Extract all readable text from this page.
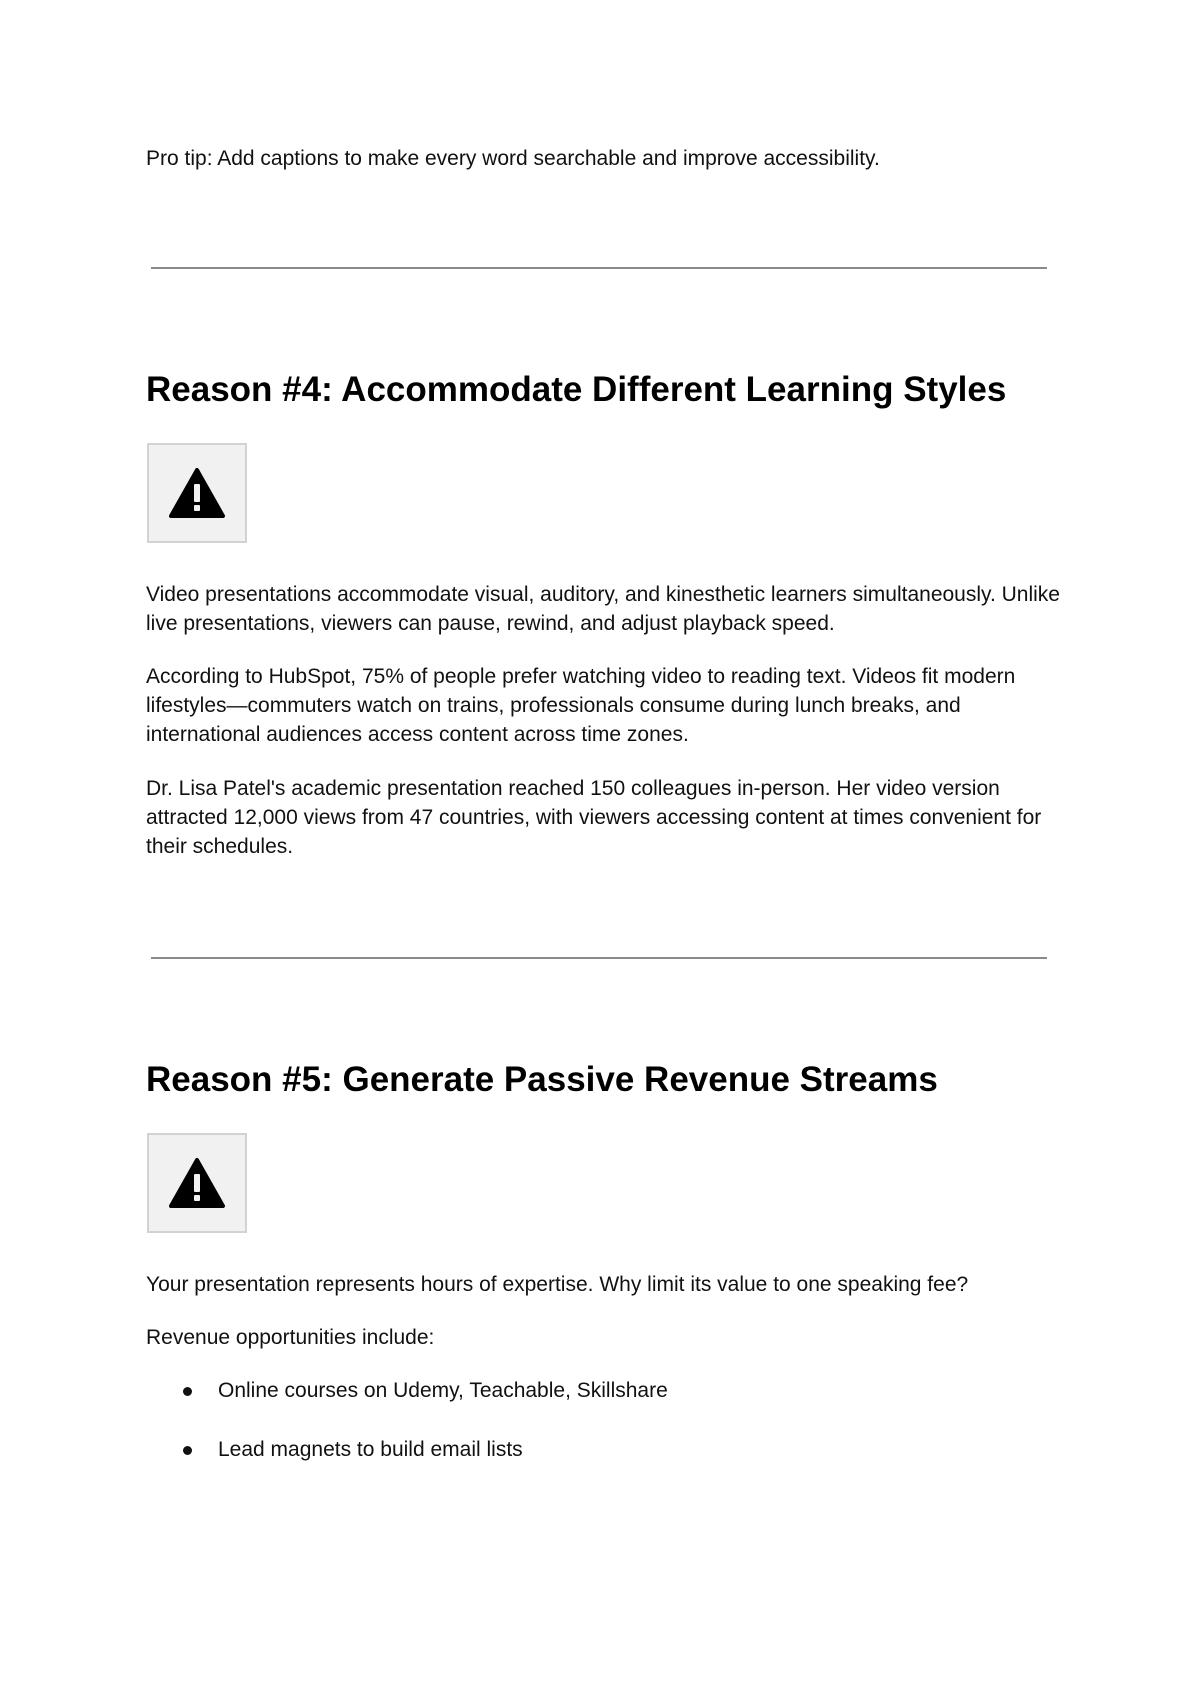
Pro tip: Add captions to make every word searchable and improve accessibility.

Reason #4: Accommodate Different Learning Styles

Video presentations accommodate visual, auditory, and kinesthetic learners simultaneously. Unlike live presentations, viewers can pause, rewind, and adjust playback speed.

According to HubSpot, 75% of people prefer watching video to reading text. Videos fit modern lifestyles—commuters watch on trains, professionals consume during lunch breaks, and international audiences access content across time zones.

Dr. Lisa Patel's academic presentation reached 150 colleagues in-person. Her video version attracted 12,000 views from 47 countries, with viewers accessing content at times convenient for their schedules.

Reason #5: Generate Passive Revenue Streams

Your presentation represents hours of expertise. Why limit its value to one speaking fee?

Revenue opportunities include:

Online courses on Udemy, Teachable, Skillshare
Lead magnets to build email lists
